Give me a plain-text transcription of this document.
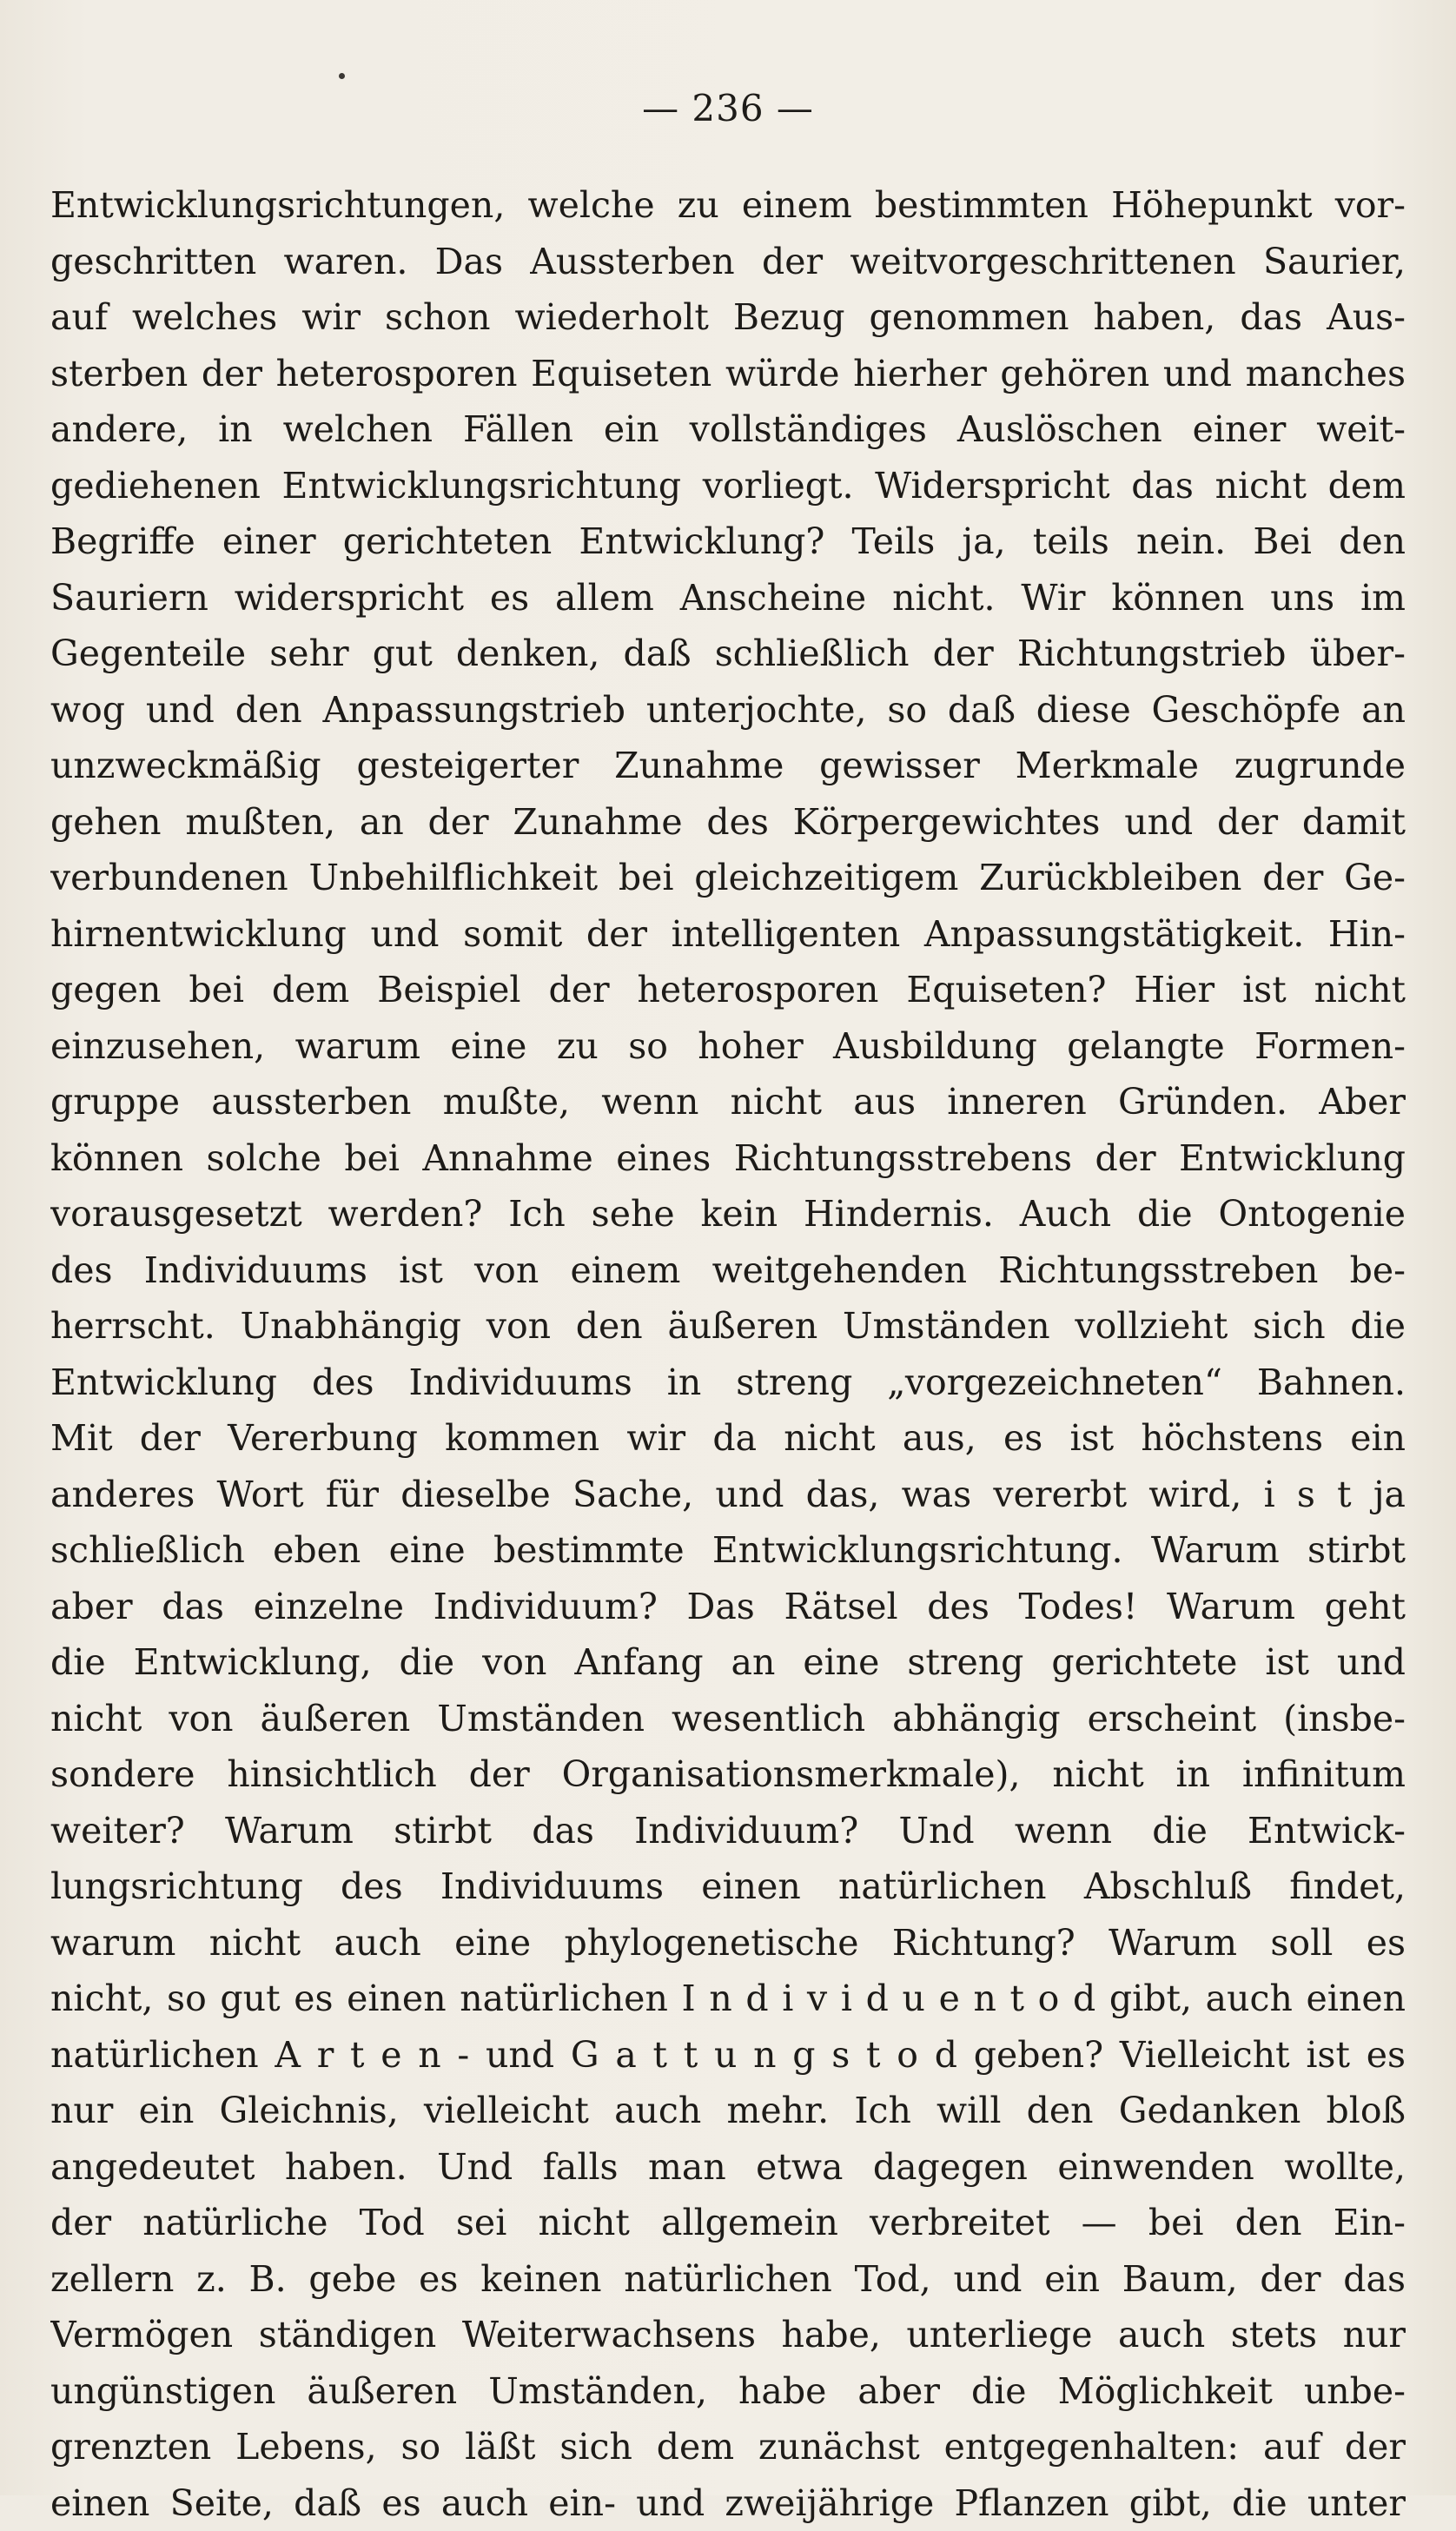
— 236 —
Entwicklungsrichtungen, welche zu einem bestimmten Höhepunkt vor-
geschritten waren. Das Aussterben der weitvorgeschrittenen Saurier,
auf welches wir schon wiederholt Bezug genommen haben, das Aus-
sterben der heterosporen Equiseten würde hierher gehören und manches
andere, in welchen Fällen ein vollständiges Auslöschen einer weit-
gediehenen Entwicklungsrichtung vorliegt. Widerspricht das nicht dem
Begriffe einer gerichteten Entwicklung? Teils ja, teils nein. Bei den
Sauriern widerspricht es allem Anscheine nicht. Wir können uns im
Gegenteile sehr gut denken, daß schließlich der Richtungstrieb über-
wog und den Anpassungstrieb unterjochte, so daß diese Geschöpfe an
unzweckmäßig gesteigerter Zunahme gewisser Merkmale zugrunde
gehen mußten, an der Zunahme des Körpergewichtes und der damit
verbundenen Unbehilflichkeit bei gleichzeitigem Zurückbleiben der Ge-
hirnentwicklung und somit der intelligenten Anpassungstätigkeit. Hin-
gegen bei dem Beispiel der heterosporen Equiseten? Hier ist nicht
einzusehen, warum eine zu so hoher Ausbildung gelangte Formen-
gruppe aussterben mußte, wenn nicht aus inneren Gründen. Aber
können solche bei Annahme eines Richtungsstrebens der Entwicklung
vorausgesetzt werden? Ich sehe kein Hindernis. Auch die Ontogenie
des Individuums ist von einem weitgehenden Richtungsstreben be-
herrscht. Unabhängig von den äußeren Umständen vollzieht sich die
Entwicklung des Individuums in streng „vorgezeichneten“ Bahnen.
Mit der Vererbung kommen wir da nicht aus, es ist höchstens ein
anderes Wort für dieselbe Sache, und das, was vererbt wird, i s t ja
schließlich eben eine bestimmte Entwicklungsrichtung. Warum stirbt
aber das einzelne Individuum? Das Rätsel des Todes! Warum geht
die Entwicklung, die von Anfang an eine streng gerichtete ist und
nicht von äußeren Umständen wesentlich abhängig erscheint (insbe-
sondere hinsichtlich der Organisationsmerkmale), nicht in infinitum
weiter? Warum stirbt das Individuum? Und wenn die Entwick-
lungsrichtung des Individuums einen natürlichen Abschluß findet,
warum nicht auch eine phylogenetische Richtung? Warum soll es
nicht, so gut es einen natürlichen I n d i v i d u e n t o d gibt, auch einen
natürlichen A r t e n - und G a t t u n g s t o d geben? Vielleicht ist es
nur ein Gleichnis, vielleicht auch mehr. Ich will den Gedanken bloß
angedeutet haben. Und falls man etwa dagegen einwenden wollte,
der natürliche Tod sei nicht allgemein verbreitet — bei den Ein-
zellern z. B. gebe es keinen natürlichen Tod, und ein Baum, der das
Vermögen ständigen Weiterwachsens habe, unterliege auch stets nur
ungünstigen äußeren Umständen, habe aber die Möglichkeit unbe-
grenzten Lebens, so läßt sich dem zunächst entgegenhalten: auf der
einen Seite, daß es auch ein- und zweijährige Pflanzen gibt, die unter
